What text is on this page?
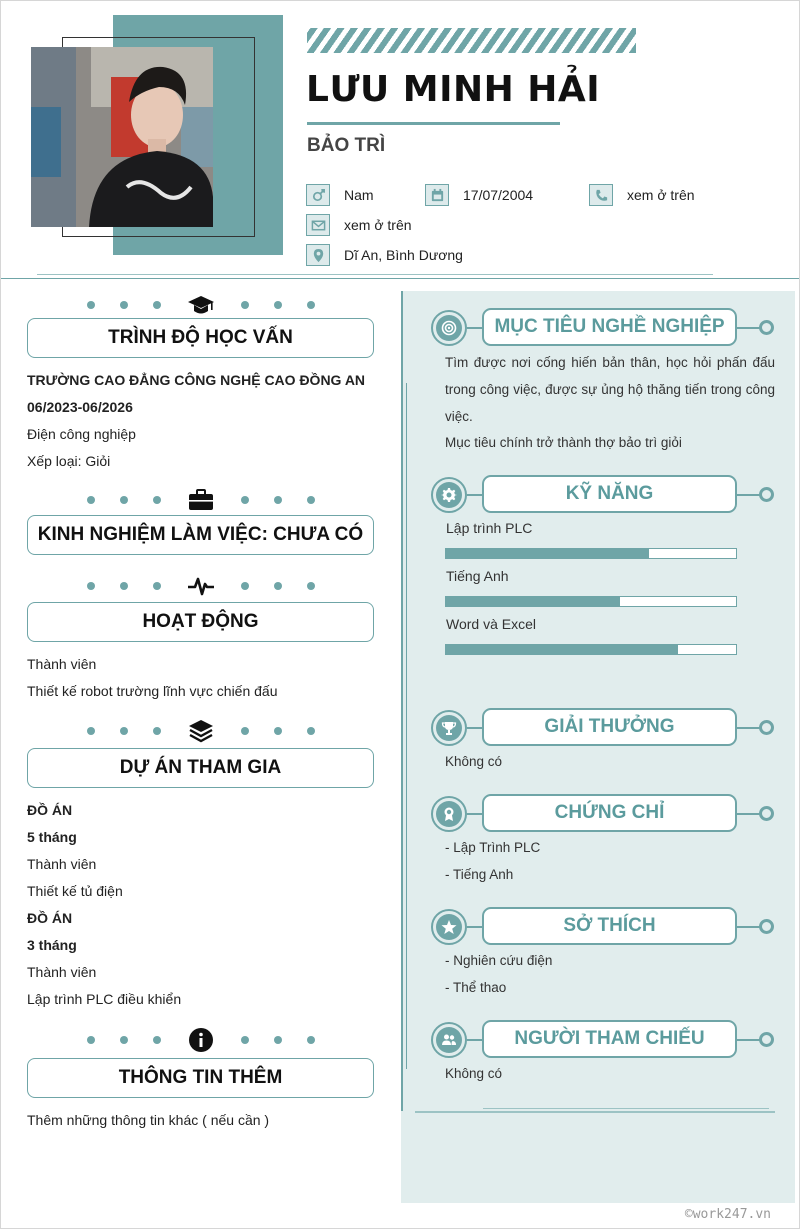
LƯU MINH HẢI
BẢO TRÌ
Nam	17/07/2004	xem ở trên
xem ở trên
Dĩ An, Bình Dương
TRÌNH ĐỘ HỌC VẤN
TRƯỜNG CAO ĐẲNG CÔNG NGHỆ CAO ĐỒNG AN
06/2023-06/2026
Điện công nghiệp
Xếp loại: Giỏi
KINH NGHIỆM LÀM VIỆC: CHƯA CÓ
HOẠT ĐỘNG
Thành viên
Thiết kế robot trường lĩnh vực chiến đấu
DỰ ÁN THAM GIA
ĐỒ ÁN
5 tháng
Thành viên
Thiết kế tủ điện
ĐỒ ÁN
3 tháng
Thành viên
Lập trình PLC điều khiển
THÔNG TIN THÊM
Thêm những thông tin khác ( nếu cần )
MỤC TIÊU NGHỀ NGHIỆP
Tìm được nơi cống hiến bản thân, học hỏi phấn đấu trong công việc, được sự ủng hộ thăng tiến trong công việc.
Mục tiêu chính trở thành thợ bảo trì giỏi
KỸ NĂNG
Lập trình PLC
Tiếng Anh
Word và Excel
GIẢI THƯỞNG
Không có
CHỨNG CHỈ
- Lập Trình PLC
- Tiếng Anh
SỞ THÍCH
- Nghiên cứu điện
- Thể thao
NGƯỜI THAM CHIẾU
Không có
©work247.vn
